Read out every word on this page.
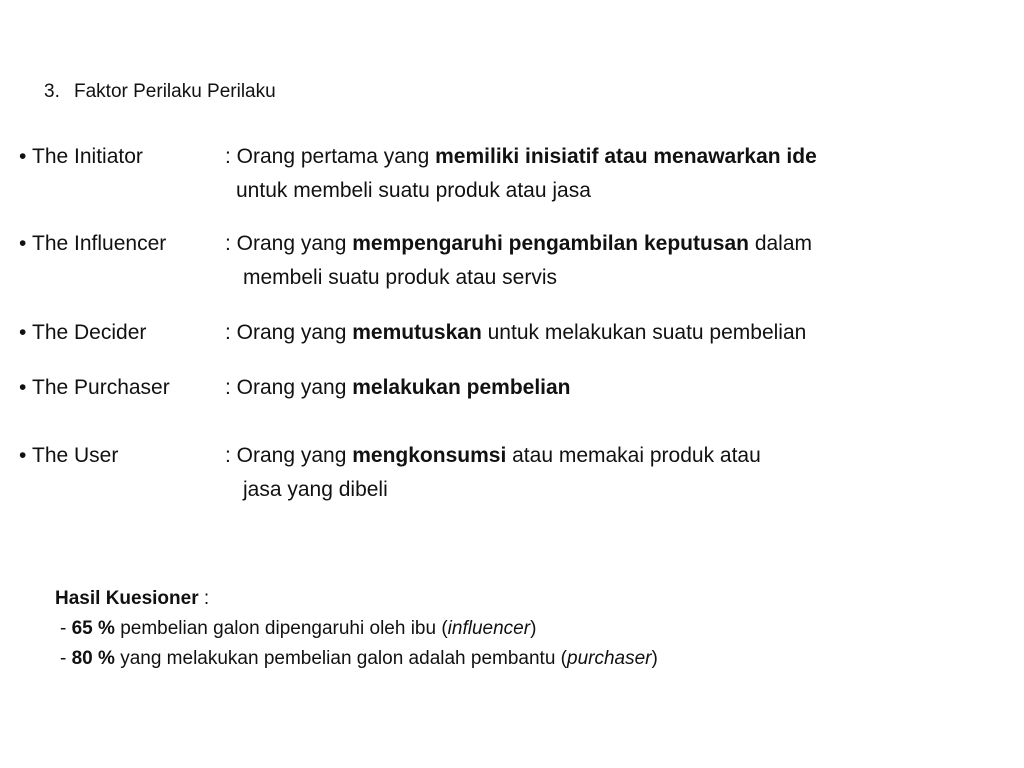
3. Faktor Perilaku Perilaku
• The Initiator	: Orang pertama yang memiliki inisiatif atau menawarkan ide
untuk membeli suatu produk atau jasa
• The Influencer	: Orang yang mempengaruhi pengambilan keputusan dalam
membeli suatu produk atau servis
• The Decider	: Orang yang memutuskan untuk melakukan suatu pembelian
• The Purchaser	: Orang yang melakukan pembelian
• The User	: Orang yang mengkonsumsi atau memakai produk atau
jasa yang dibeli
Hasil Kuesioner :
- 65 % pembelian galon dipengaruhi oleh ibu (influencer)
- 80 % yang melakukan pembelian galon adalah pembantu (purchaser)
